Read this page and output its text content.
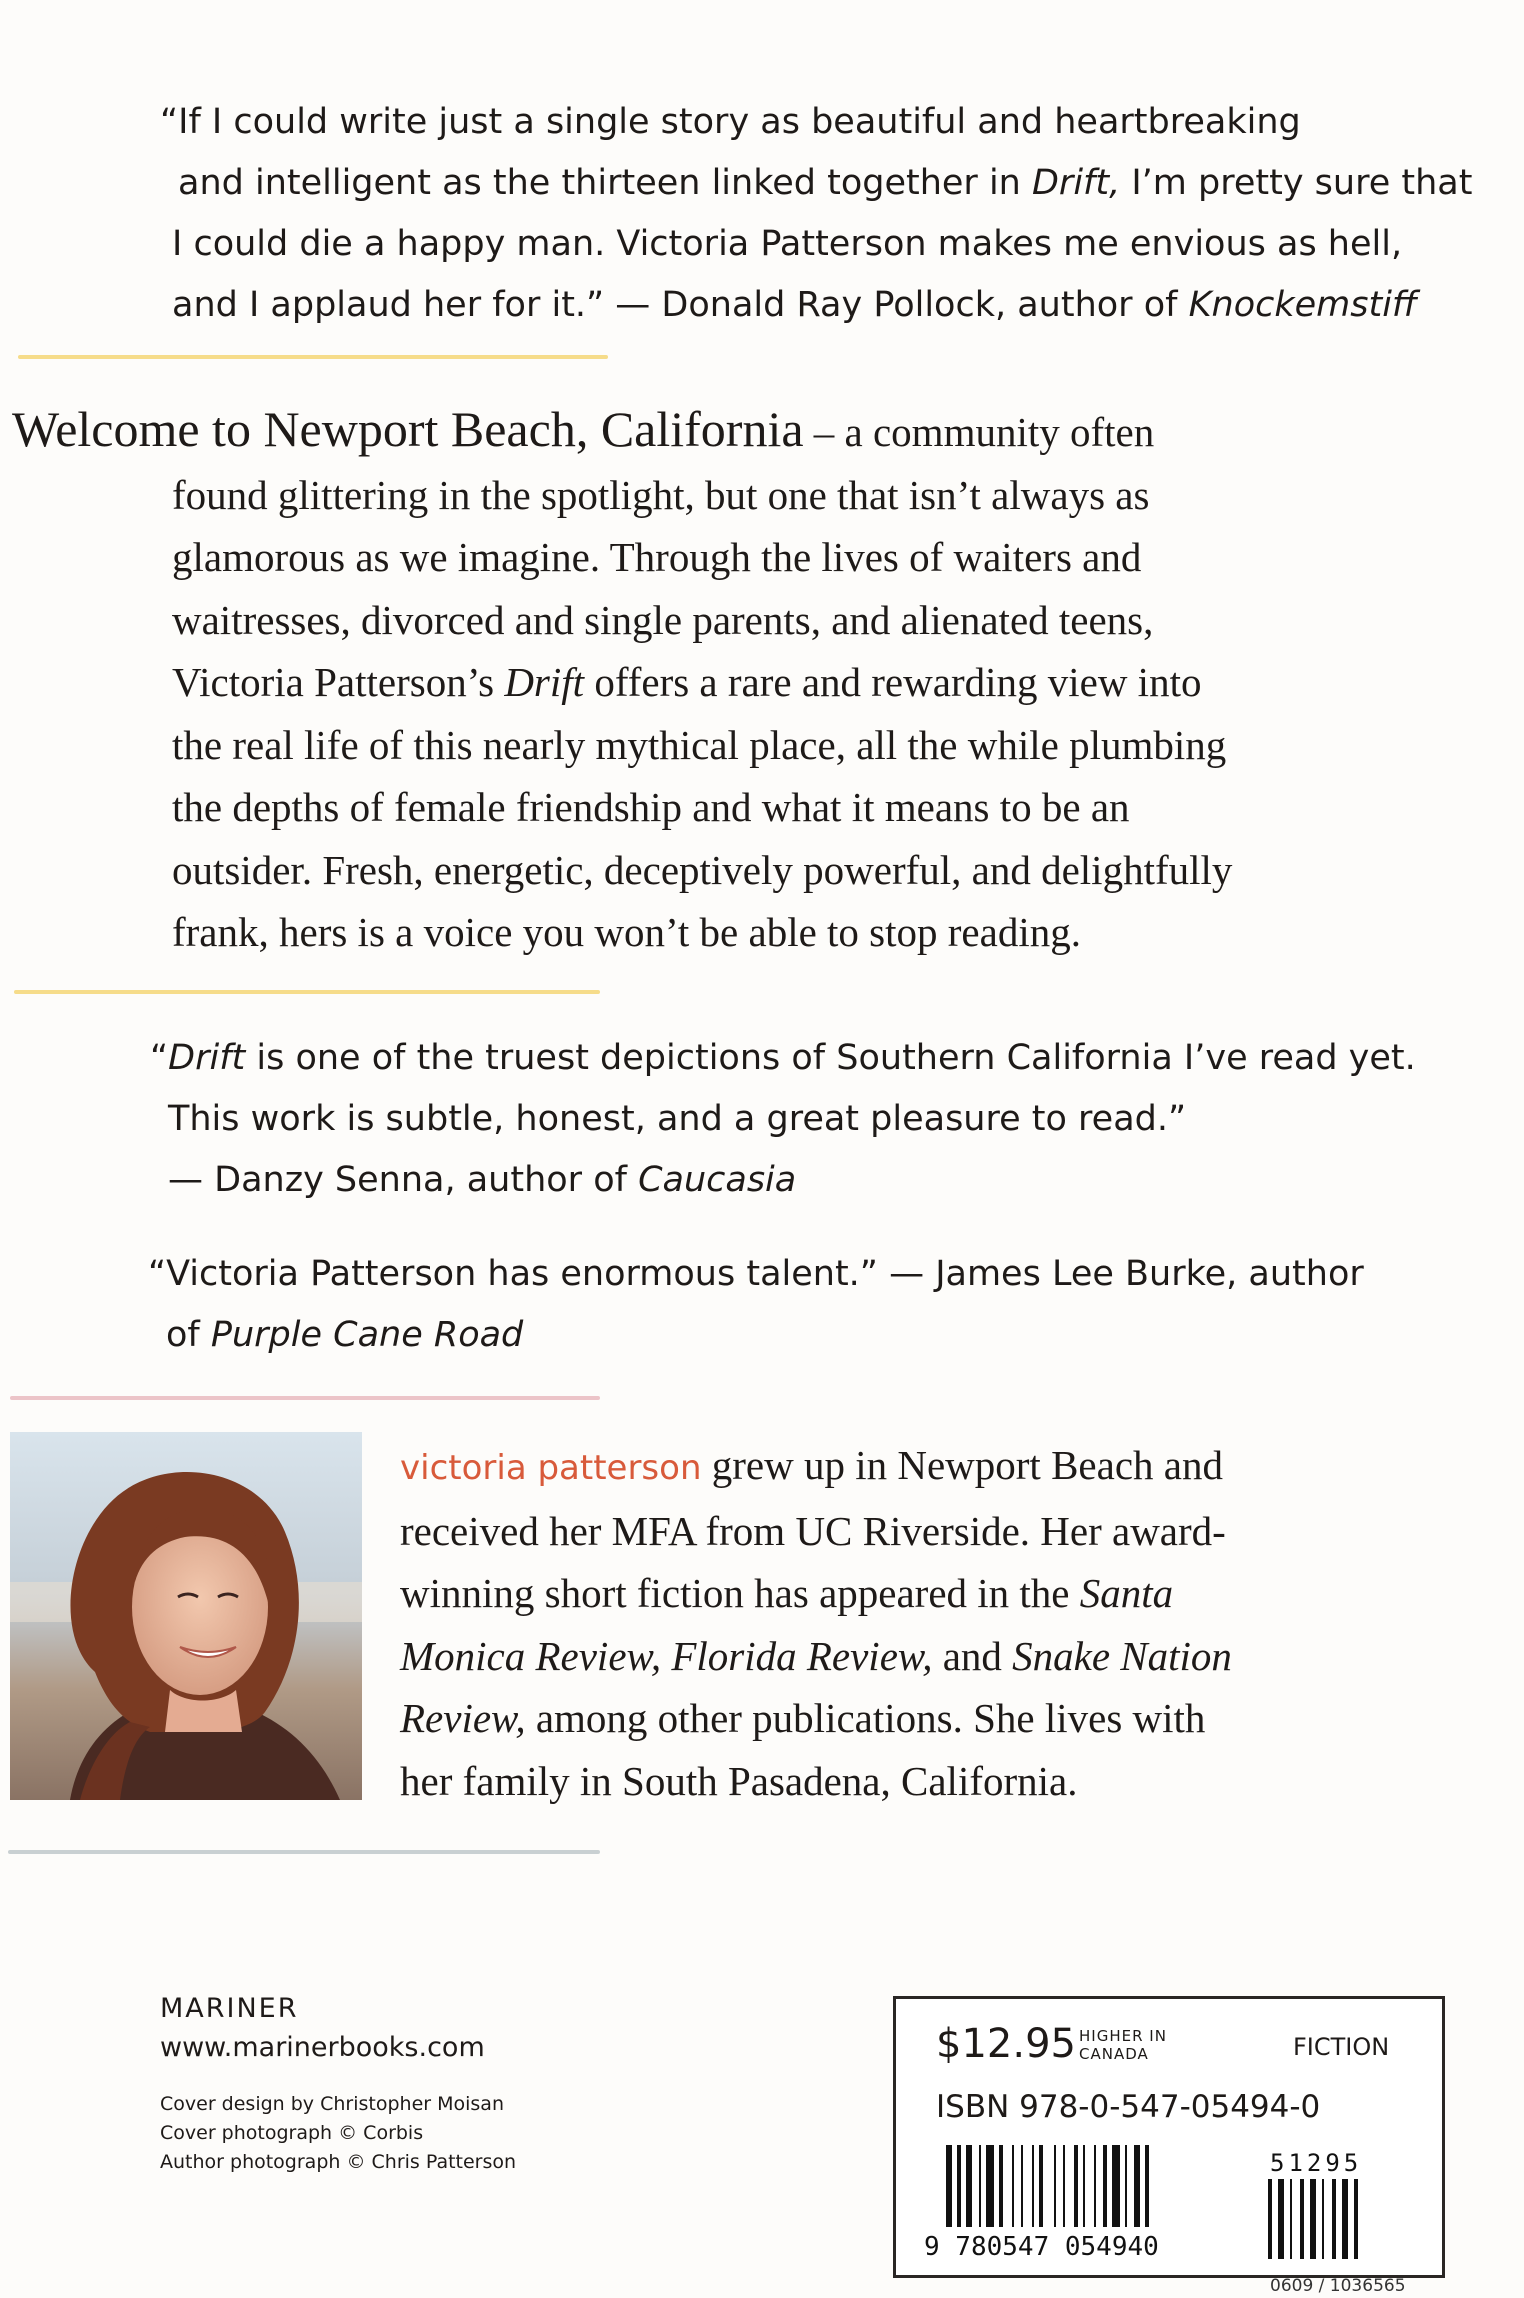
“If I could write just a single story as beautiful and heartbreaking
and intelligent as the thirteen linked together in Drift, I’m pretty sure that
I could die a happy man. Victoria Patterson makes me envious as hell,
and I applaud her for it.” — Donald Ray Pollock, author of Knockemstiff
Welcome to Newport Beach, California – a community often
found glittering in the spotlight, but one that isn’t always as
glamorous as we imagine. Through the lives of waiters and
waitresses, divorced and single parents, and alienated teens,
Victoria Patterson’s Drift offers a rare and rewarding view into
the real life of this nearly mythical place, all the while plumbing
the depths of female friendship and what it means to be an
outsider. Fresh, energetic, deceptively powerful, and delightfully
frank, hers is a voice you won’t be able to stop reading.
“Drift is one of the truest depictions of Southern California I’ve read yet.
This work is subtle, honest, and a great pleasure to read.”
— Danzy Senna, author of Caucasia
“Victoria Patterson has enormous talent.” — James Lee Burke, author
of Purple Cane Road
victoria patterson grew up in Newport Beach and
received her MFA from UC Riverside. Her award-
winning short fiction has appeared in the Santa
Monica Review, Florida Review, and Snake Nation
Review, among other publications. She lives with
her family in South Pasadena, California.
MARINER
www.marinerbooks.com
Cover design by Christopher Moisan
Cover photograph © Corbis
Author photograph © Chris Patterson
$12.95 HIGHER IN
CANADA	FICTION
ISBN 978-0-547-05494-0
9 780547 054940
51295
0609 / 1036565
